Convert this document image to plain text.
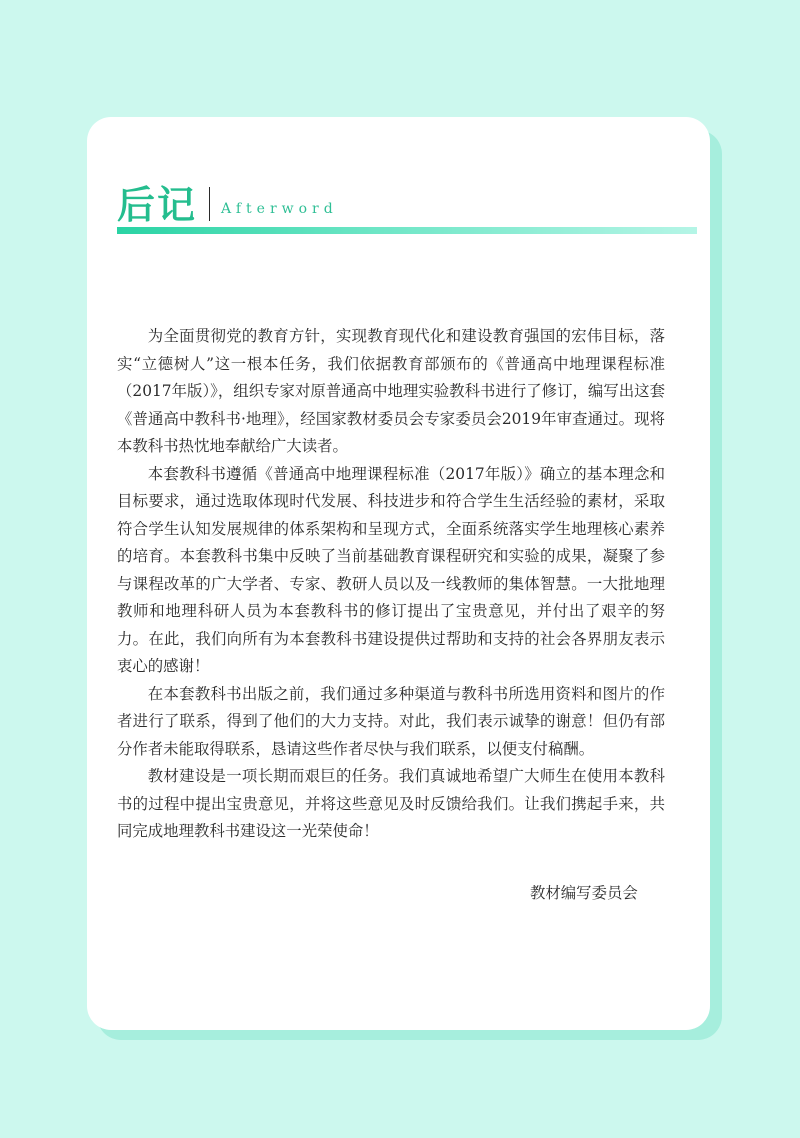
后记 Afterword

为全面贯彻党的教育方针，实现教育现代化和建设教育强国的宏伟目标，落实“立德树人”这一根本任务，我们依据教育部颁布的《普通高中地理课程标准（2017年版）》，组织专家对原普通高中地理实验教科书进行了修订，编写出这套《普通高中教科书·地理》，经国家教材委员会专家委员会2019年审查通过。现将本教科书热忱地奉献给广大读者。

本套教科书遵循《普通高中地理课程标准（2017年版）》确立的基本理念和目标要求，通过选取体现时代发展、科技进步和符合学生生活经验的素材，采取符合学生认知发展规律的体系架构和呈现方式，全面系统落实学生地理核心素养的培育。本套教科书集中反映了当前基础教育课程研究和实验的成果，凝聚了参与课程改革的广大学者、专家、教研人员以及一线教师的集体智慧。一大批地理教师和地理科研人员为本套教科书的修订提出了宝贵意见，并付出了艰辛的努力。在此，我们向所有为本套教科书建设提供过帮助和支持的社会各界朋友表示衷心的感谢！

在本套教科书出版之前，我们通过多种渠道与教科书所选用资料和图片的作者进行了联系，得到了他们的大力支持。对此，我们表示诚挚的谢意！但仍有部分作者未能取得联系，恳请这些作者尽快与我们联系，以便支付稿酬。

教材建设是一项长期而艰巨的任务。我们真诚地希望广大师生在使用本教科书的过程中提出宝贵意见，并将这些意见及时反馈给我们。让我们携起手来，共同完成地理教科书建设这一光荣使命！

教材编写委员会
